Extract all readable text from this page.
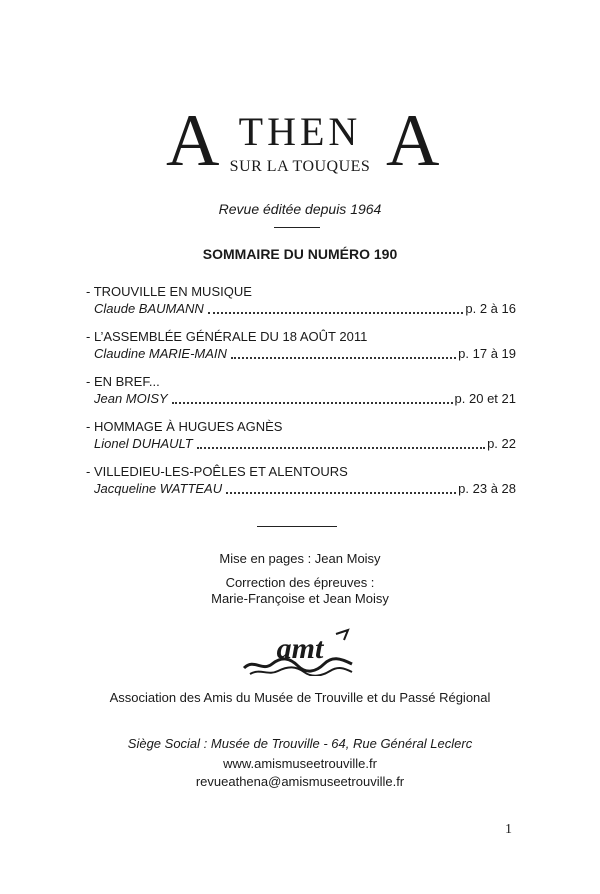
A THEN
SUR LA TOUQUES A
Revue éditée depuis 1964
SOMMAIRE DU NUMÉRO 190
- TROUVILLE EN MUSIQUE
Claude BAUMANN	p. 2 à 16
- L’ASSEMBLÉE GÉNÉRALE DU 18 AOÛT 2011
Claudine MARIE-MAIN	p. 17 à 19
- EN BREF...
Jean MOISY	p. 20 et 21
- HOMMAGE À HUGUES AGNÈS
Lionel DUHAULT	p. 22
- VILLEDIEU-LES-POÊLES ET ALENTOURS
Jacqueline WATTEAU	p. 23 à 28
Mise en pages : Jean Moisy
Correction des épreuves :
Marie-Françoise et Jean Moisy
amt
Association des Amis du Musée de Trouville et du Passé Régional
Siège Social : Musée de Trouville - 64, Rue Général Leclerc
www.amismuseetrouville.fr
revueathena@amismuseetrouville.fr
1
